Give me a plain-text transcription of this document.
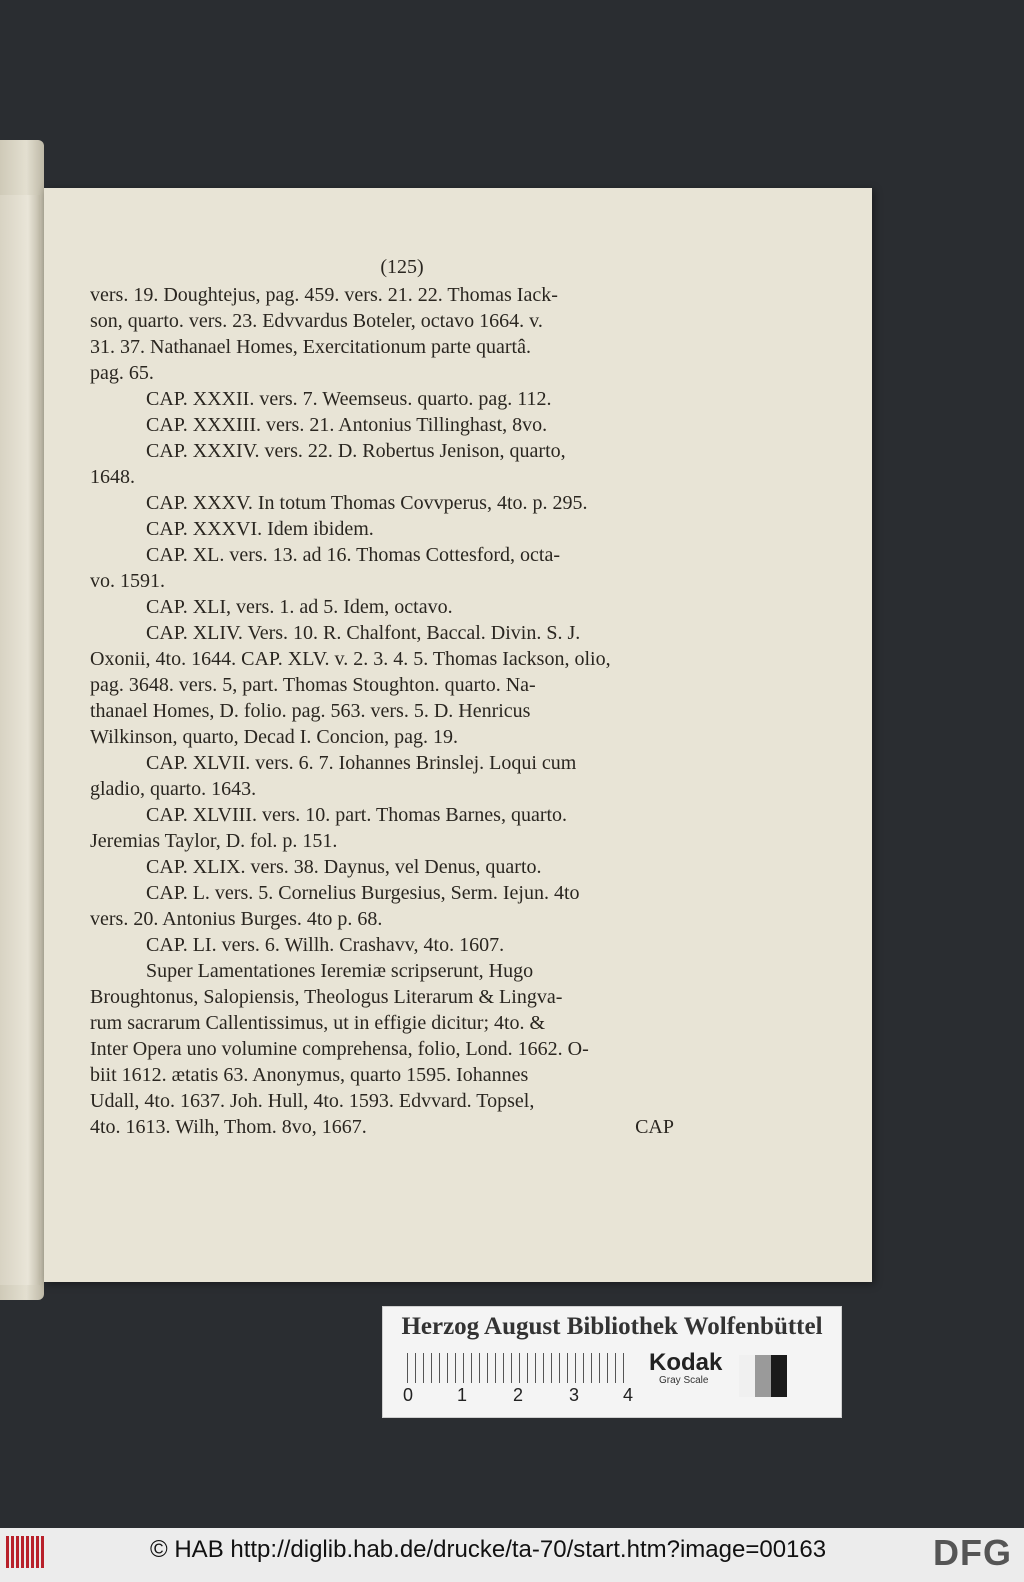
(125)
vers. 19. Doughtejus, pag. 459. vers. 21. 22. Thomas Iack-
son, quarto. vers. 23. Edvvardus Boteler, octavo 1664. v.
31. 37. Nathanael Homes, Exercitationum parte quartâ.
pag. 65.
CAP. XXXII. vers. 7. Weemseus. quarto. pag. 112.
CAP. XXXIII. vers. 21. Antonius Tillinghast, 8vo.
CAP. XXXIV. vers. 22. D. Robertus Jenison, quarto,
1648.
CAP. XXXV. In totum Thomas Covvperus, 4to. p. 295.
CAP. XXXVI. Idem ibidem.
CAP. XL. vers. 13. ad 16. Thomas Cottesford, octa-
vo. 1591.
CAP. XLI, vers. 1. ad 5. Idem, octavo.
CAP. XLIV. Vers. 10. R. Chalfont, Baccal. Divin. S. J.
Oxonii, 4to. 1644. CAP. XLV. v. 2. 3. 4. 5. Thomas Iackson, olio,
pag. 3648. vers. 5, part. Thomas Stoughton. quarto. Na-
thanael Homes, D. folio. pag. 563. vers. 5. D. Henricus
Wilkinson, quarto, Decad I. Concion, pag. 19.
CAP. XLVII. vers. 6. 7. Iohannes Brinslej. Loqui cum
gladio, quarto. 1643.
CAP. XLVIII. vers. 10. part. Thomas Barnes, quarto.
Jeremias Taylor, D. fol. p. 151.
CAP. XLIX. vers. 38. Daynus, vel Denus, quarto.
CAP. L. vers. 5. Cornelius Burgesius, Serm. Iejun. 4to
vers. 20. Antonius Burges. 4to p. 68.
CAP. LI. vers. 6. Willh. Crashavv, 4to. 1607.
Super Lamentationes Ieremiæ scripserunt, Hugo
Broughtonus, Salopiensis, Theologus Literarum & Lingva-
rum sacrarum Callentissimus, ut in effigie dicitur; 4to. &
Inter Opera uno volumine comprehensa, folio, Lond. 1662. O-
biit 1612. ætatis 63. Anonymus, quarto 1595. Iohannes
Udall, 4to. 1637. Joh. Hull, 4to. 1593. Edvvard. Topsel,
4to. 1613. Wilh, Thom. 8vo, 1667.	CAP
Herzog August Bibliothek Wolfenbüttel
0 1	2	3 4
Kodak
Gray Scale
© HAB http://diglib.hab.de/drucke/ta-70/start.htm?image=00163	DFG
